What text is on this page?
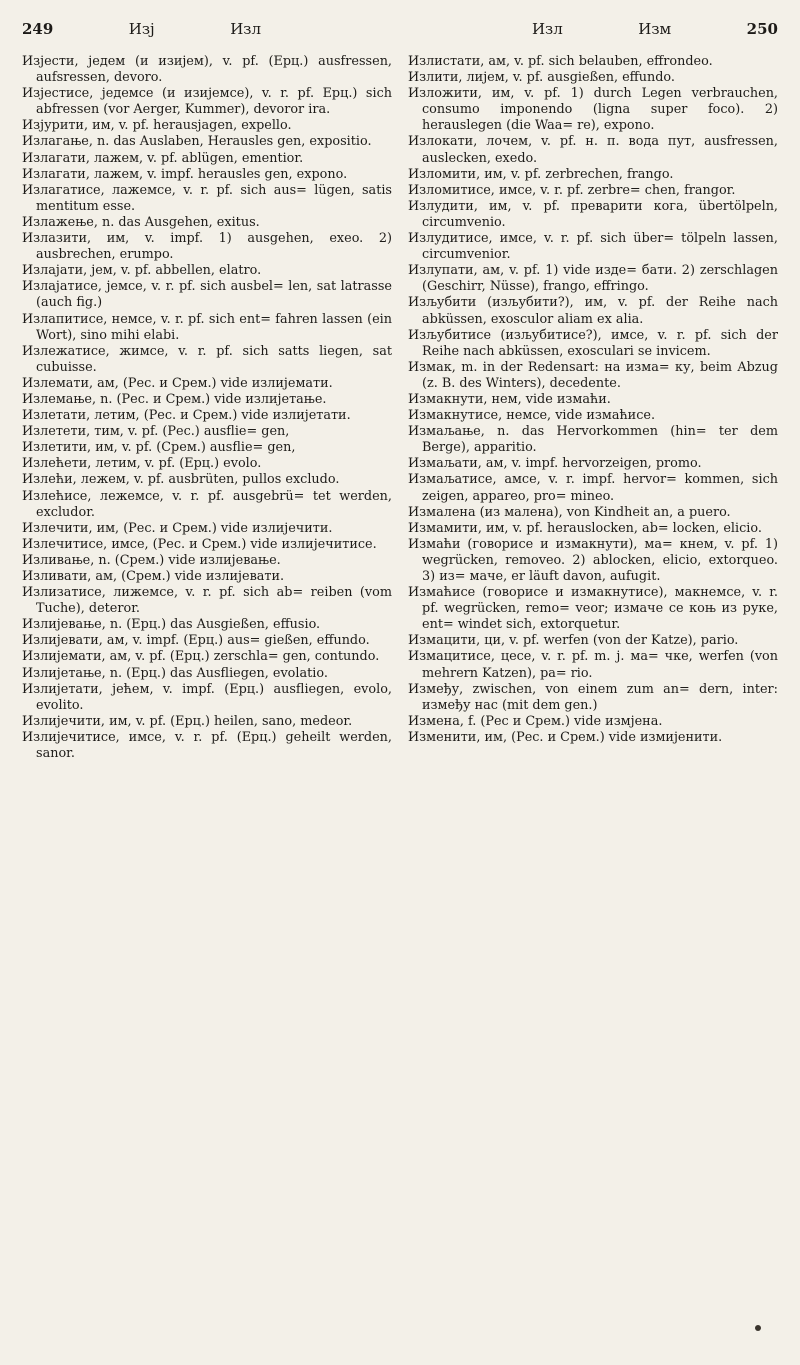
249	Изј	Изл	Изл	Изм	250

Изјести, једем (и изијем), v. pf. (Ерц.) ausfressen, aufsressen, devoro.

Изјестисе, једемсе (и изијемсе), v. r. pf. Ерц.) sich abfressen (vor Aerger, Kummer), devoror ira.

Изјурити, им, v. pf. herausjagen, expello.

Излагање, n. das Auslaben, Herausles gen, expositio.

Излагати, лажем, v. pf. ablügen, ementior.

Излагати, лажем, v. impf. herausles gen, expono.

Излагатисе, лажемсе, v. r. pf. sich aus= lügen, satis mentitum esse.

Излажење, n. das Ausgehen, exitus.

Излазити, им, v. impf. 1) ausgehen, exeo. 2) ausbrechen, erumpo.

Излајати, јем, v. pf. abbellen, elatro.

Излајатисе, јемсе, v. r. pf. sich ausbel= len, sat latrasse (auch fig.)

Излапитисе, немсе, v. r. pf. sich ent= fahren lassen (ein Wort), sino mihi elabi.

Излежатисе, жимсе, v. r. pf. sich satts liegen, sat cubuisse.

Излемати, ам, (Рес. и Срем.) vide излијемати.

Излемање, n. (Рес. и Срем.) vide излијетање.

Излетати, летим, (Рес. и Срем.) vide излијетати.

Излетети, тим, v. pf. (Рес.) ausflie= gen,

Излетити, им, v. pf. (Срем.) ausflie= gen,

Излећети, летим, v. pf. (Ерц.) evolo.

Излећи, лежем, v. pf. ausbrüten, pullos excludo.

Излећисе, лежемсе, v. r. pf. ausgebrü= tet werden, excludor.

Излечити, им, (Рес. и Срем.) vide излијечити.

Излечитисе, имсе, (Рес. и Срем.) vide излијечитисе.

Изливање, n. (Срем.) vide излијевање.

Изливати, ам, (Срем.) vide излијевати.

Излизатисе, лижемсе, v. r. pf. sich ab= reiben (vom Tuche), deteror.

Излијевање, n. (Ерц.) das Ausgießen, effusio.

Излијевати, ам, v. impf. (Ерц.) aus= gießen, effundo.

Излијемати, ам, v. pf. (Ерц.) zerschla= gen, contundo.

Излијетање, n. (Ерц.) das Ausfliegen, evolatio.

Излијетати, јећем, v. impf. (Ерц.) ausfliegen, evolo, evolito.

Излијечити, им, v. pf. (Ерц.) heilen, sano, medeor.

Излијечитисе, имсе, v. r. pf. (Ерц.) geheilt werden, sanor.

Излистати, ам, v. pf. sich belauben, effrondeo.

Излити, лијем, v. pf. ausgießen, effundo.

Изложити, им, v. pf. 1) durch Legen verbrauchen, consumo imponendo (ligna super foco). 2) herauslegen (die Waa= re), expono.

Излокати, лочем, v. pf. н. п. вода пут, ausfressen, auslecken, exedo.

Изломити, им, v. pf. zerbrechen, frango.

Изломитисе, имсе, v. r. pf. zerbre= chen, frangor.

Излудити, им, v. pf. преварити кога, übertölpeln, circumvenio.

Излудитисе, имсе, v. r. pf. sich über= tölpeln lassen, circumvenior.

Излупати, ам, v. pf. 1) vide изде= бати. 2) zerschlagen (Geschirr, Nüsse), frango, effringo.

Изљубити (изљубити?), им, v. pf. der Reihe nach abküssen, exosculor aliam ex alia.

Изљубитисе (изљубитисе?), имсе, v. r. pf. sich der Reihe nach abküssen, exosculari se invicem.

Измак, m. in der Redensart: на изма= ку, beim Abzug (z. B. des Winters), decedente.

Измакнути, нем, vide измаћи.

Измакнутисе, немсе, vide измаћисе.

Измаљање, n. das Hervorkommen (hin= ter dem Berge), apparitio.

Измаљати, ам, v. impf. hervorzeigen, promo.

Измаљатисе, амсе, v. r. impf. hervor= kommen, sich zeigen, appareo, pro= mineo.

Измалена (из малена), von Kindheit an, a puero.

Измамити, им, v. pf. herauslocken, ab= locken, elicio.

Измаћи (говорисе и измакнути), ма= кнем, v. pf. 1) wegrücken, removeo. 2) ablocken, elicio, extorqueo. 3) из= маче, er läuft davon, aufugit.

Измаћисе (говорисе и измакнутисе), макнемсе, v. r. pf. wegrücken, remo= veor; измаче се коњ из руке, ent= windet sich, extorquetur.

Измацити, ци, v. pf. werfen (von der Katze), pario.

Измацитисе, цесе, v. r. pf. m. j. ма= чке, werfen (von mehrern Katzen), pa= rio.

Између, zwischen, von einem zum an= dern, inter: између нас (mit dem gen.)

Измена, f. (Рес и Срем.) vide измјена.

Изменити, им, (Рес. и Срем.) vide измијенити.
